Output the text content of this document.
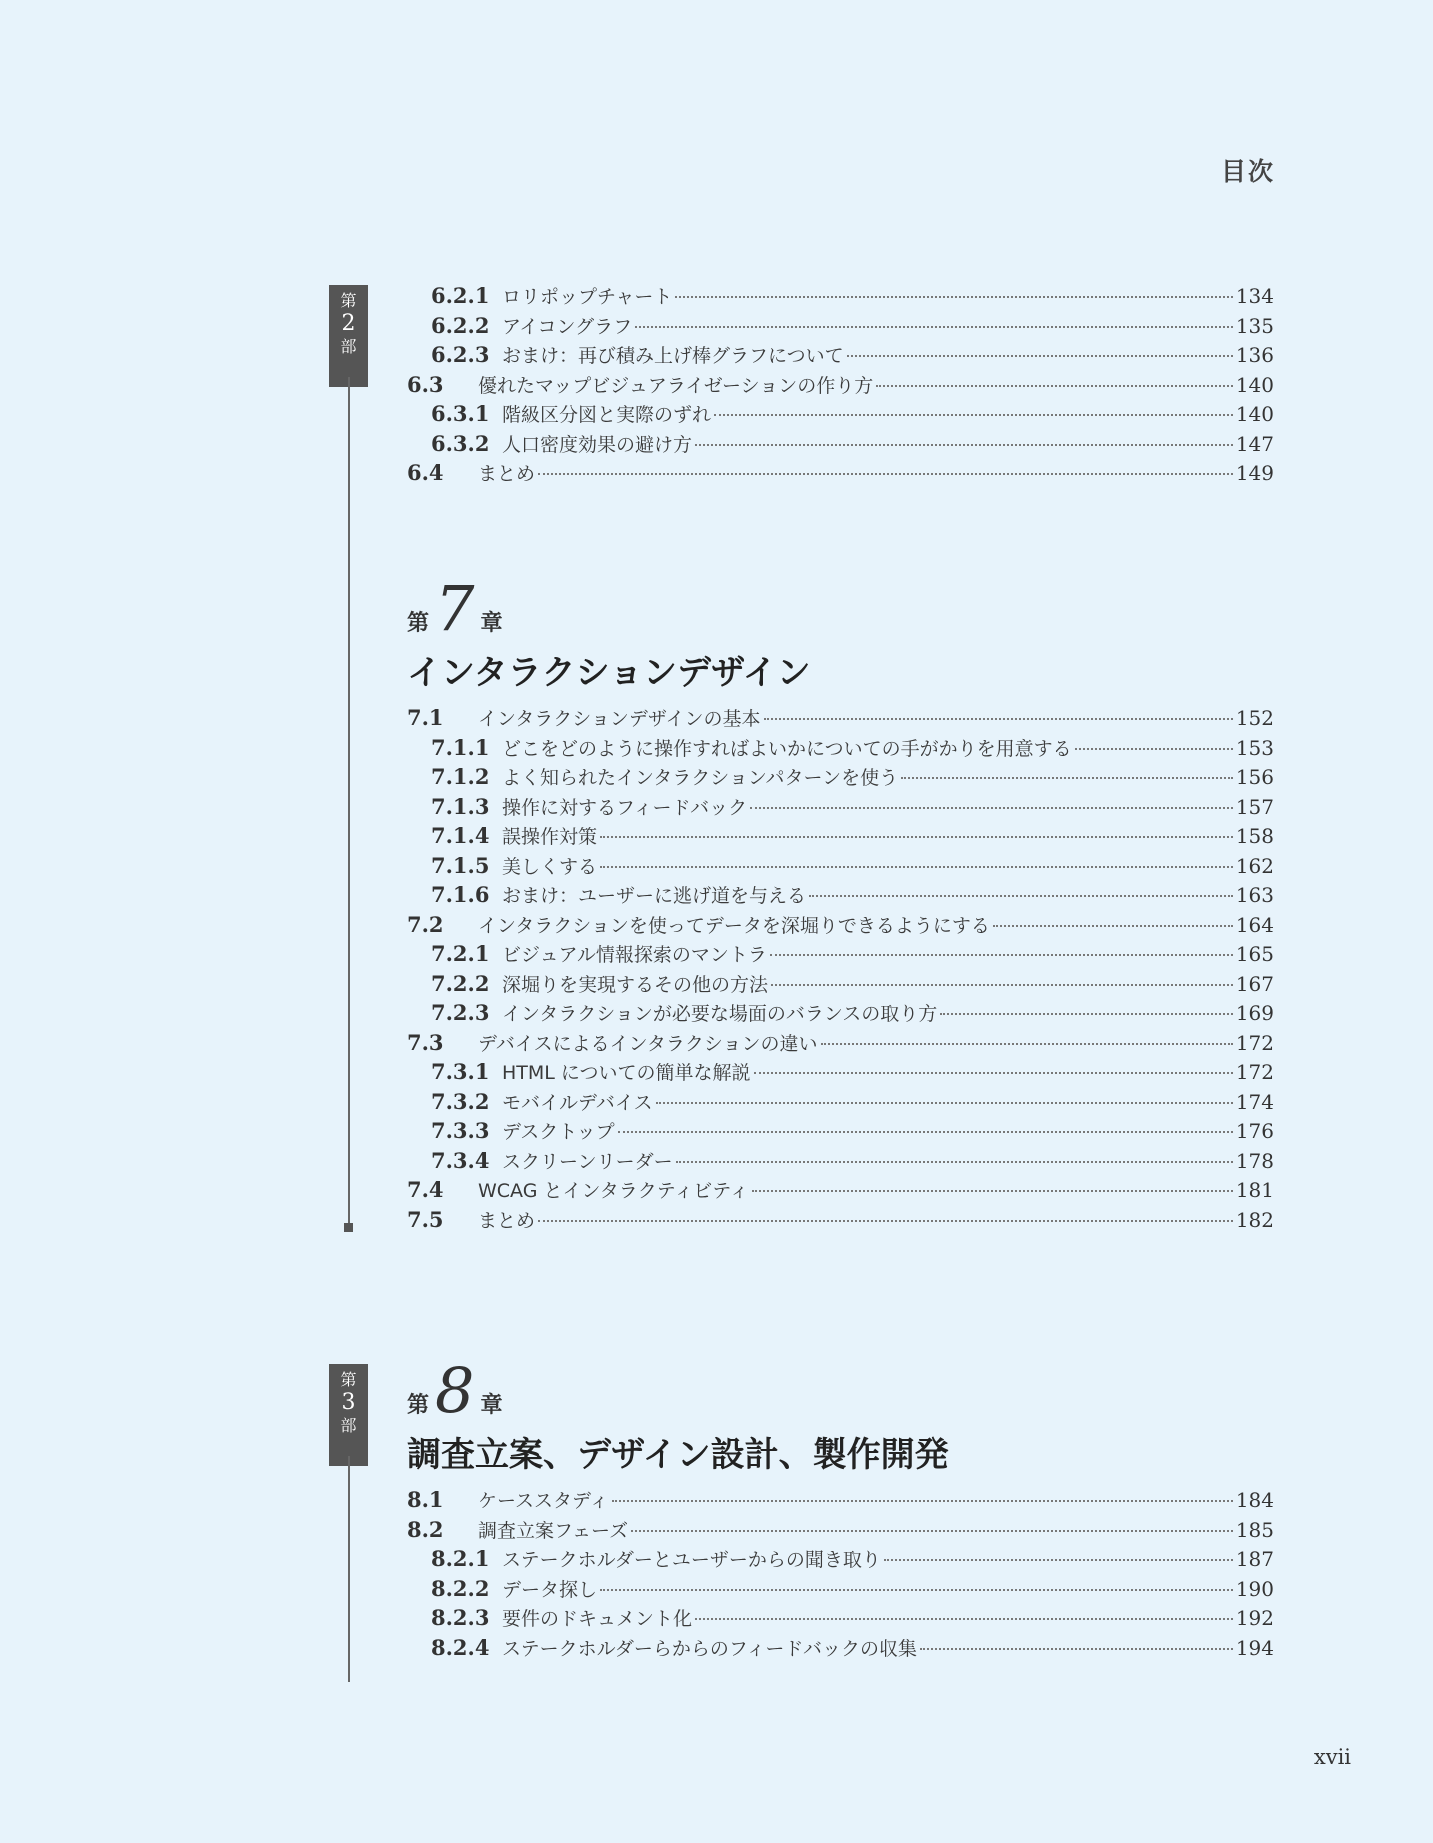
目次
第
2
部
6.2.1 ロリポップチャート	134
6.2.2 アイコングラフ	135
6.2.3 おまけ：再び積み上げ棒グラフについて	136
6.3	優れたマップビジュアライゼーションの作り方	140
6.3.1 階級区分図と実際のずれ	140
6.3.2 人口密度効果の避け方	147
6.4	まとめ	149
第 7 章
インタラクションデザイン
7.1	インタラクションデザインの基本	152
7.1.1 どこをどのように操作すればよいかについての手がかりを用意する	153
7.1.2 よく知られたインタラクションパターンを使う	156
7.1.3 操作に対するフィードバック	157
7.1.4 誤操作対策	158
7.1.5 美しくする	162
7.1.6 おまけ：ユーザーに逃げ道を与える	163
7.2	インタラクションを使ってデータを深堀りできるようにする	164
7.2.1 ビジュアル情報探索のマントラ	165
7.2.2 深堀りを実現するその他の方法	167
7.2.3 インタラクションが必要な場面のバランスの取り方	169
7.3	デバイスによるインタラクションの違い	172
7.3.1 HTML についての簡単な解説	172
7.3.2 モバイルデバイス	174
7.3.3 デスクトップ	176
7.3.4 スクリーンリーダー	178
7.4	WCAG とインタラクティビティ	181
7.5	まとめ	182
第
3
部
第 8 章
調査立案、デザイン設計、製作開発
8.1	ケーススタディ	184
8.2	調査立案フェーズ	185
8.2.1 ステークホルダーとユーザーからの聞き取り	187
8.2.2 データ探し	190
8.2.3 要件のドキュメント化	192
8.2.4 ステークホルダーらからのフィードバックの収集	194
xvii
